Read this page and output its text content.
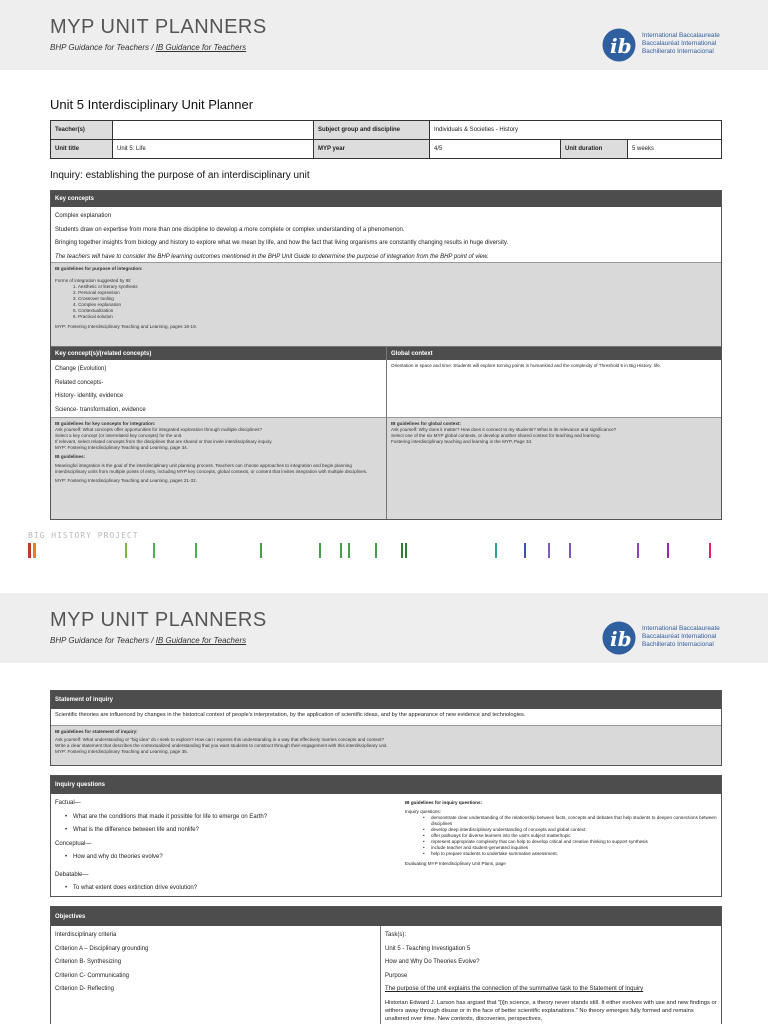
MYP UNIT PLANNERS
BHP Guidance for Teachers / IB Guidance for Teachers	ib International Baccalaureate
Baccalauréat International
Bachillerato Internacional
Unit 5 Interdisciplinary Unit Planner
Teacher(s)		Subject group and discipline	Individuals & Societies - History		
Unit title	Unit 5: Life	MYP year	4/5	Unit duration	5 weeks
Inquiry: establishing the purpose of an interdisciplinary unit
Key concepts
Complex explanation
Students draw on expertise from more than one discipline to develop a more complete or complex understanding of a phenomenon.
Bringing together insights from biology and history to explore what we mean by life, and how the fact that living organisms are constantly changing results in huge diversity.
The teachers will have to consider the BHP learning outcomes mentioned in the BHP Unit Guide to determine the purpose of integration from the BHP point of view.
IB guidelines for purpose of integration:
Forms of integration suggested by IB:
1. Aesthetic or literary synthesis
2. Personal expression
3. Crossover tooling
4. Complex explanation
5. Contextualization
6. Practical solution
MYP: Fostering Interdisciplinary Teaching and Learning, pages 18-19.
Key concept(s)/(related concepts)
Change (Evolution)
Related concepts-
History- identity, evidence
Science- transformation, evidence
IB guidelines for key concepts for integration:
Ask yourself: What concepts offer opportunities for integrated exploration through multiple disciplines?
Select a key concept (or interrelated key concepts) for the unit.
If relevant, select related concepts from the disciplines that are shared or that invite interdisciplinary inquiry.
MYP: Fostering Interdisciplinary Teaching and Learning, page 34.
IB guidelines:
Meaningful integration is the goal of the interdisciplinary unit planning process. Teachers can choose approaches to integration and begin planning interdisciplinary units from multiple points of entry, including MYP key concepts, global contexts, or content that invites integration with multiple disciplines.
MYP: Fostering Interdisciplinary Teaching and Learning, pages 21-32.
Global context
Orientation in space and time: Students will explore turning points in humankind and the complexity of Threshold 5 in Big History: life.
IB guidelines for global context:
Ask yourself: Why does it matter? How does it connect to my students? What is its relevance and significance?
Select one of the six MYP global contexts, or develop another shared context for teaching and learning.
Fostering interdisciplinary teaching and learning in the MYP, Page 34.
BIG HISTORY PROJECT
MYP UNIT PLANNERS
BHP Guidance for Teachers / IB Guidance for Teachers	ib International Baccalaureate
Baccalauréat International
Bachillerato Internacional
Statement of inquiry
Scientific theories are influenced by changes in the historical context of people's interpretation, by the application of scientific ideas, and by the appearance of new evidence and technologies.
IB guidelines for statement of inquiry:
Ask yourself: What understanding or "big idea" do I seek to explore? How can I express this understanding in a way that effectively marries concepts and context?
Write a clear statement that describes the contextualized understanding that you want students to construct through their engagement with this interdisciplinary unit.
MYP: Fostering Interdisciplinary Teaching and Learning, page 35.
Inquiry questions
Factual—
• What are the conditions that made it possible for life to emerge on Earth?
• What is the difference between life and nonlife?
Conceptual—
• How and why do theories evolve?
Debatable—
• To what extent does extinction drive evolution?
IB guidelines for inquiry questions:
Inquiry questions:
• demonstrate clear understanding of the relationship between facts, concepts and debates that help students to deepen connections between disciplines
• develop deep interdisciplinary understanding of concepts and global context
• offer pathways for diverse learners into the unit's subject matter/topic
• represent appropriate complexity that can help to develop critical and creative thinking to support synthesis
• include teacher and student-generated inquiries
• help to prepare students to undertake summative assessment.
Evaluating MYP Interdisciplinary Unit Plans, page
Objectives
Interdisciplinary criteria
Criterion A – Disciplinary grounding
Criterion B- Synthesizing
Criterion C- Communicating
Criterion D- Reflecting
Task(s):
Unit 5 - Teaching Investigation 5
How and Why Do Theories Evolve?
Purpose
The purpose of the unit explains the connection of the summative task to the Statement of Inquiry
Historian Edward J. Larson has argued that "[i]n science, a theory never stands still. It either evolves with use and new findings or withers away through disuse or in the face of better scientific explanations." No theory emerges fully formed and remains unaltered over time. New contexts, discoveries, perspectives,
